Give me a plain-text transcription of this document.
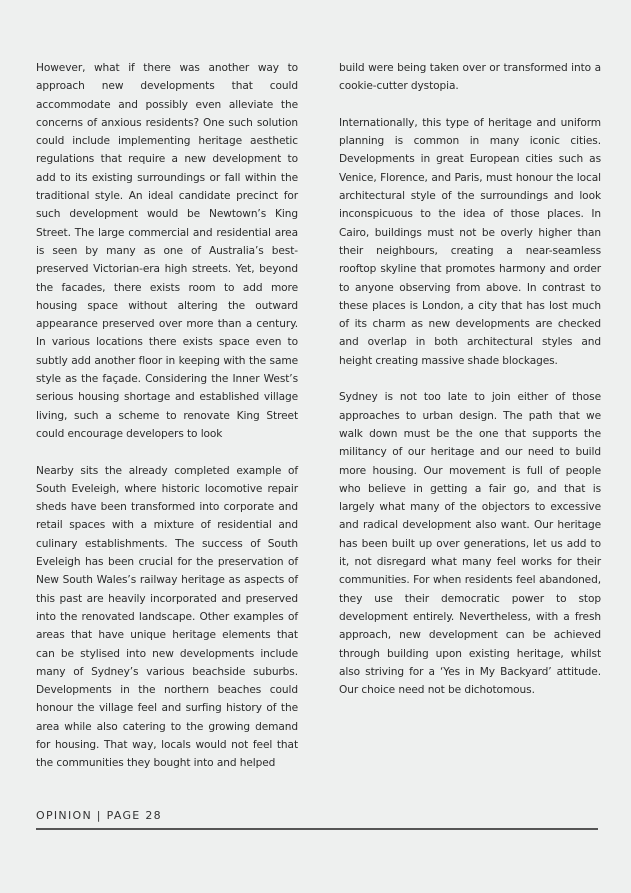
However, what if there was another way to approach new developments that could accommodate and possibly even alleviate the concerns of anxious residents? One such solution could include implementing heritage aesthetic regulations that require a new development to add to its existing surroundings or fall within the traditional style. An ideal candidate precinct for such development would be Newtown’s King Street. The large commercial and residential area is seen by many as one of Australia’s best-preserved Victorian-era high streets. Yet, beyond the facades, there exists room to add more housing space without altering the outward appearance preserved over more than a century. In various locations there exists space even to subtly add another floor in keeping with the same style as the façade. Considering the Inner West’s serious housing shortage and established village living, such a scheme to renovate King Street could encourage developers to look

Nearby sits the already completed example of South Eveleigh, where historic locomotive repair sheds have been transformed into corporate and retail spaces with a mixture of residential and culinary establishments. The success of South Eveleigh has been crucial for the preservation of New South Wales’s railway heritage as aspects of this past are heavily incorporated and preserved into the renovated landscape. Other examples of areas that have unique heritage elements that can be stylised into new developments include many of Sydney’s various beachside suburbs. Developments in the northern beaches could honour the village feel and surfing history of the area while also catering to the growing demand for housing. That way, locals would not feel that the communities they bought into and helped

build were being taken over or transformed into a cookie-cutter dystopia.

Internationally, this type of heritage and uniform planning is common in many iconic cities. Developments in great European cities such as Venice, Florence, and Paris, must honour the local architectural style of the surroundings and look inconspicuous to the idea of those places. In Cairo, buildings must not be overly higher than their neighbours, creating a near-seamless rooftop skyline that promotes harmony and order to anyone observing from above. In contrast to these places is London, a city that has lost much of its charm as new developments are checked and overlap in both architectural styles and height creating massive shade blockages.

Sydney is not too late to join either of those approaches to urban design. The path that we walk down must be the one that supports the militancy of our heritage and our need to build more housing. Our movement is full of people who believe in getting a fair go, and that is largely what many of the objectors to excessive and radical development also want. Our heritage has been built up over generations, let us add to it, not disregard what many feel works for their communities. For when residents feel abandoned, they use their democratic power to stop development entirely. Nevertheless, with a fresh approach, new development can be achieved through building upon existing heritage, whilst also striving for a ‘Yes in My Backyard’ attitude. Our choice need not be dichotomous.

OPINION | PAGE 28
